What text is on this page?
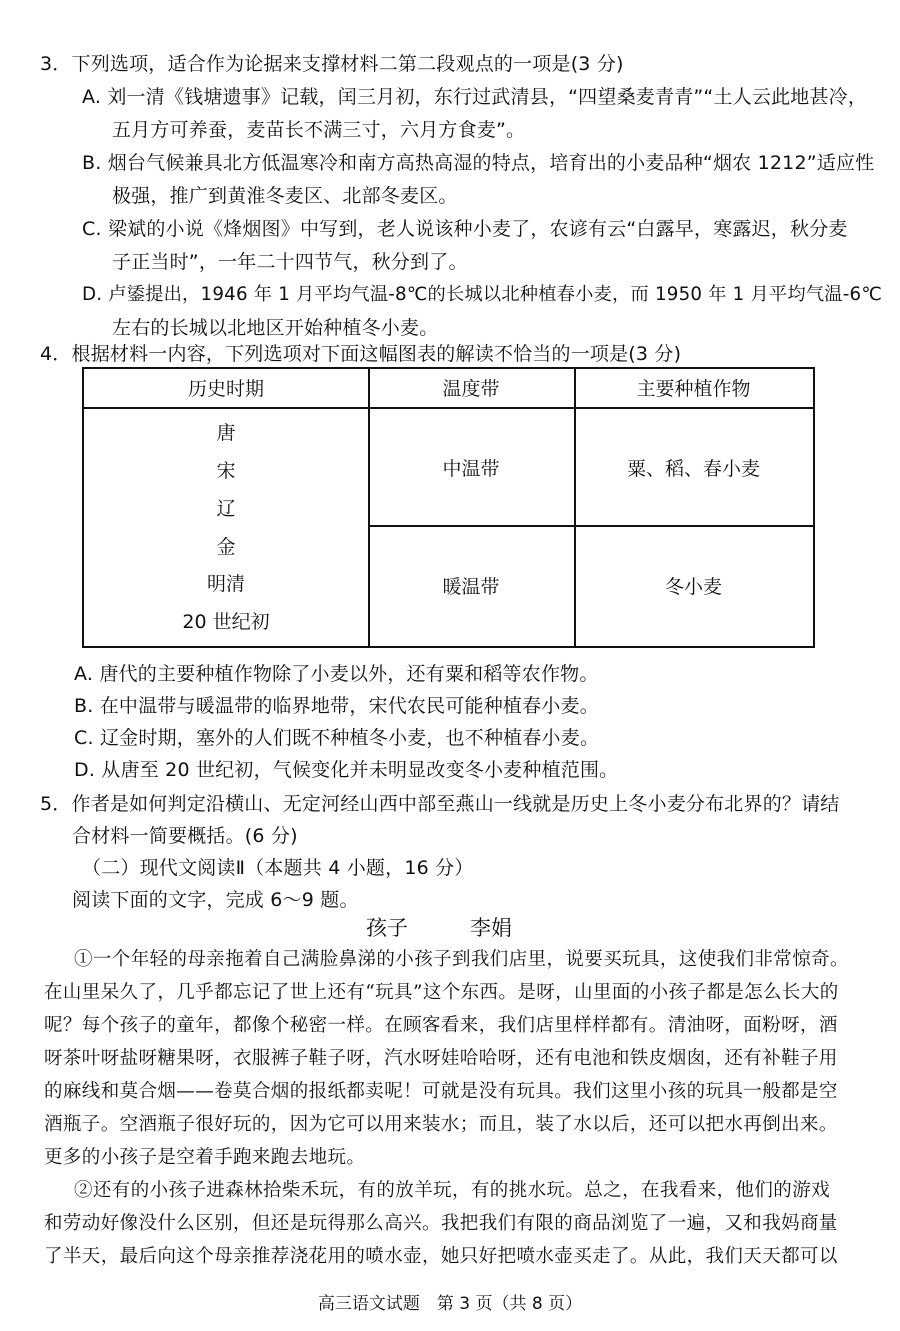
3．下列选项，适合作为论据来支撑材料二第二段观点的一项是(3 分)
A. 刘一清《钱塘遗事》记载，闰三月初，东行过武清县，“四望桑麦青青”“土人云此地甚冷，
五月方可养蚕，麦苗长不满三寸，六月方食麦”。
B. 烟台气候兼具北方低温寒冷和南方高热高湿的特点，培育出的小麦品种“烟农 1212”适应性
极强，推广到黄淮冬麦区、北部冬麦区。
C. 梁斌的小说《烽烟图》中写到，老人说该种小麦了，农谚有云“白露早，寒露迟，秋分麦
子正当时”，一年二十四节气，秋分到了。
D. 卢鋈提出，1946 年 1 月平均气温-8℃的长城以北种植春小麦，而 1950 年 1 月平均气温-6℃
左右的长城以北地区开始种植冬小麦。
4．根据材料一内容，下列选项对下面这幅图表的解读不恰当的一项是(3 分)
历史时期	温度带	主要种植作物
唐
宋
辽
金
明清
20 世纪初
中温带	粟、稻、春小麦
暖温带	冬小麦
A. 唐代的主要种植作物除了小麦以外，还有粟和稻等农作物。
B. 在中温带与暖温带的临界地带，宋代农民可能种植春小麦。
C. 辽金时期，塞外的人们既不种植冬小麦，也不种植春小麦。
D. 从唐至 20 世纪初，气候变化并未明显改变冬小麦种植范围。
5．作者是如何判定沿横山、无定河经山西中部至燕山一线就是历史上冬小麦分布北界的？请结
合材料一简要概括。(6 分)
（二）现代文阅读Ⅱ（本题共 4 小题，16 分）
阅读下面的文字，完成 6～9 题。
孩子	李娟
①一个年轻的母亲拖着自己满脸鼻涕的小孩子到我们店里，说要买玩具，这使我们非常惊奇。
在山里呆久了，几乎都忘记了世上还有“玩具”这个东西。是呀，山里面的小孩子都是怎么长大的
呢？每个孩子的童年，都像个秘密一样。在顾客看来，我们店里样样都有。清油呀，面粉呀，酒
呀茶叶呀盐呀糖果呀，衣服裤子鞋子呀，汽水呀娃哈哈呀，还有电池和铁皮烟囱，还有补鞋子用
的麻线和莫合烟——卷莫合烟的报纸都卖呢！可就是没有玩具。我们这里小孩的玩具一般都是空
酒瓶子。空酒瓶子很好玩的，因为它可以用来装水；而且，装了水以后，还可以把水再倒出来。
更多的小孩子是空着手跑来跑去地玩。
②还有的小孩子进森林拾柴禾玩，有的放羊玩，有的挑水玩。总之，在我看来，他们的游戏
和劳动好像没什么区别，但还是玩得那么高兴。我把我们有限的商品浏览了一遍，又和我妈商量
了半天，最后向这个母亲推荐浇花用的喷水壶，她只好把喷水壶买走了。从此，我们天天都可以
高三语文试题　第 3 页（共 8 页）
